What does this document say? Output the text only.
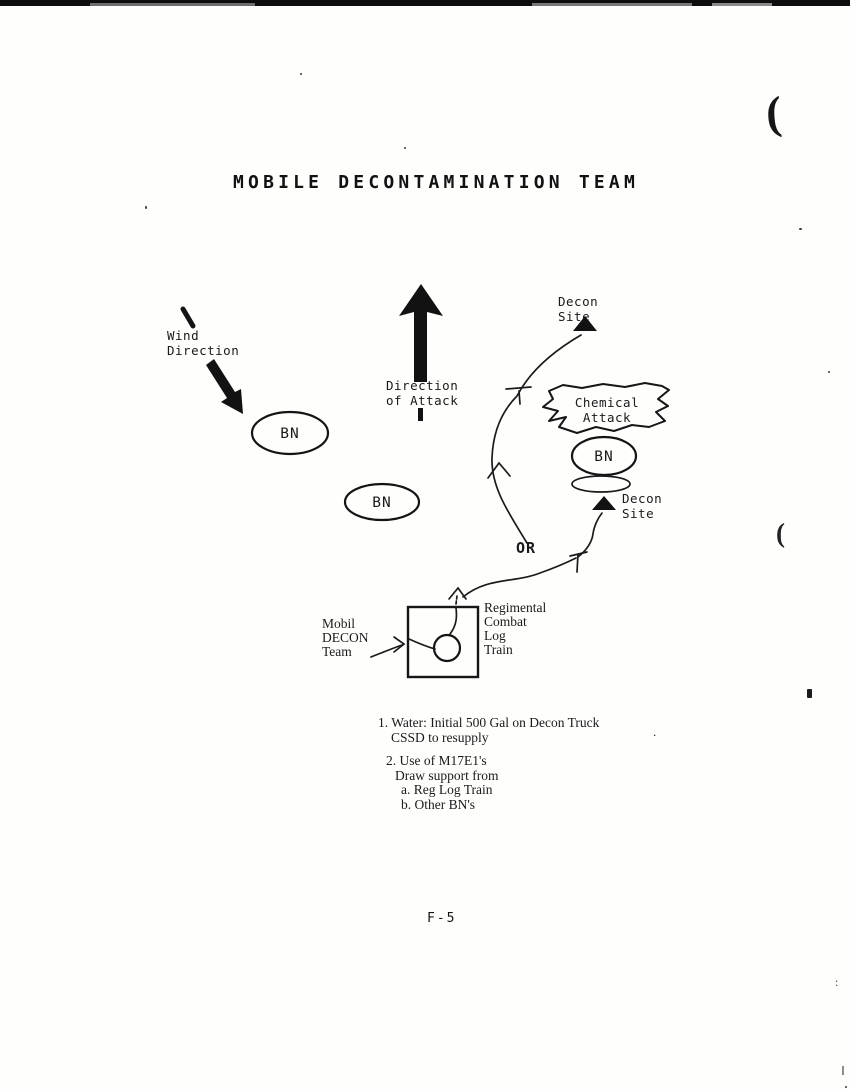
MOBILE DECONTAMINATION TEAM
Wind
Direction
Direction
of Attack
BN
BN
Decon
Site
Chemical
Attack
BN
Decon
Site
OR
Mobil
DECON
Team
Regimental
Combat
Log
Train
1. Water: Initial 500 Gal on Decon Truck
CSSD to resupply
2. Use of M17E1's
Draw support from
a. Reg Log Train
b. Other BN's
F-5
(
(
:
.
